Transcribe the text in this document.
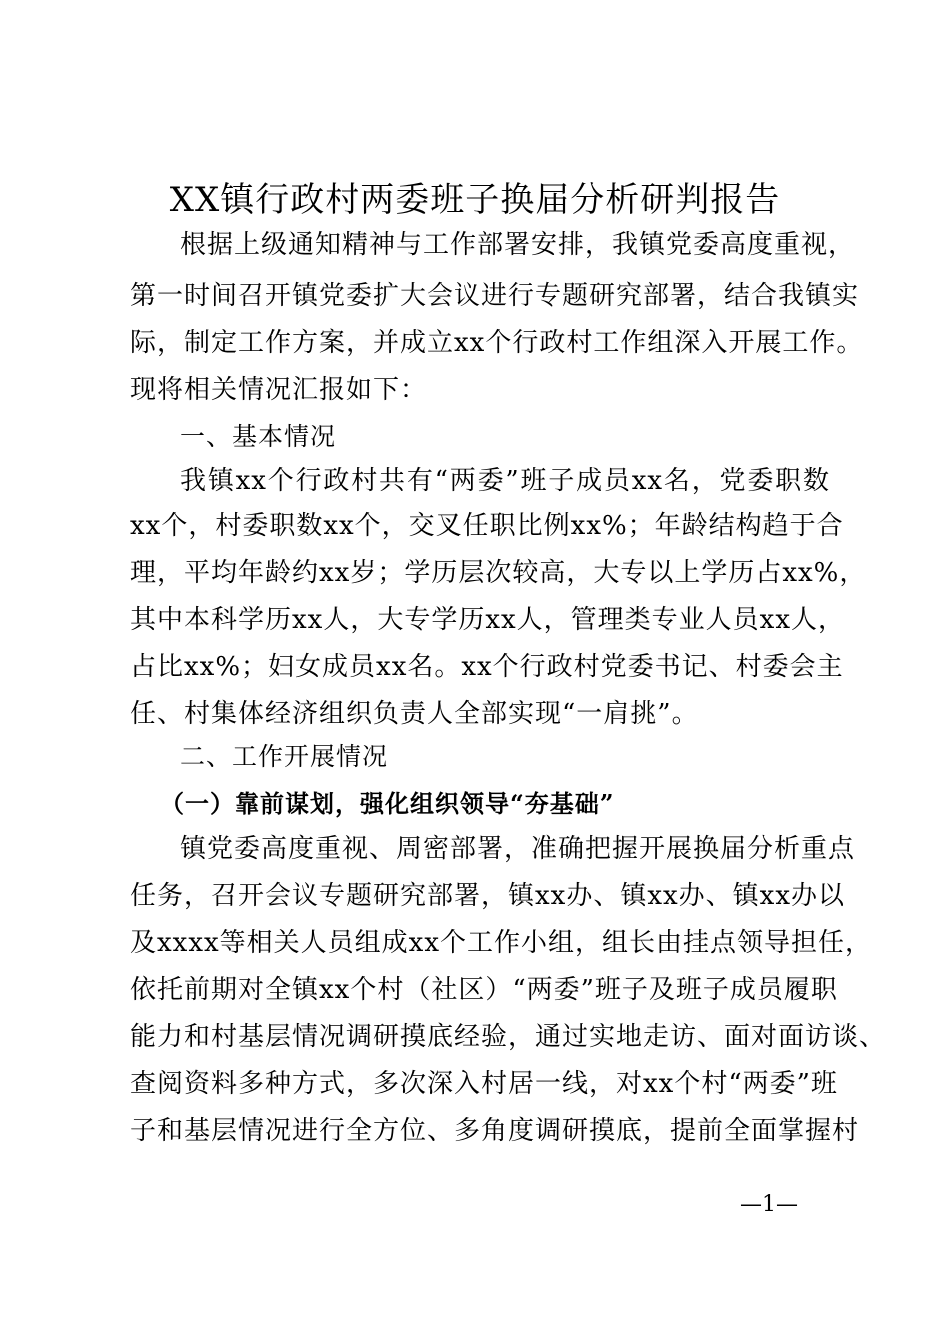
XX镇行政村两委班子换届分析研判报告
根据上级通知精神与工作部署安排，我镇党委高度重视，
第一时间召开镇党委扩大会议进行专题研究部署，结合我镇实
际，制定工作方案，并成立xx个行政村工作组深入开展工作。
现将相关情况汇报如下：
一、基本情况
我镇xx个行政村共有“两委”班子成员xx名，党委职数
xx个，村委职数xx个，交叉任职比例xx%；年龄结构趋于合
理，平均年龄约xx岁；学历层次较高，大专以上学历占xx%，
其中本科学历xx人，大专学历xx人，管理类专业人员xx人，
占比xx%；妇女成员xx名。xx个行政村党委书记、村委会主
任、村集体经济组织负责人全部实现“一肩挑”。
二、工作开展情况
（一）靠前谋划，强化组织领导“夯基础”
镇党委高度重视、周密部署，准确把握开展换届分析重点
任务，召开会议专题研究部署，镇xx办、镇xx办、镇xx办以
及xxxx等相关人员组成xx个工作小组，组长由挂点领导担任，
依托前期对全镇xx个村（社区）“两委”班子及班子成员履职
能力和村基层情况调研摸底经验，通过实地走访、面对面访谈、
查阅资料多种方式，多次深入村居一线，对xx个村“两委”班
子和基层情况进行全方位、多角度调研摸底，提前全面掌握村
—1—
